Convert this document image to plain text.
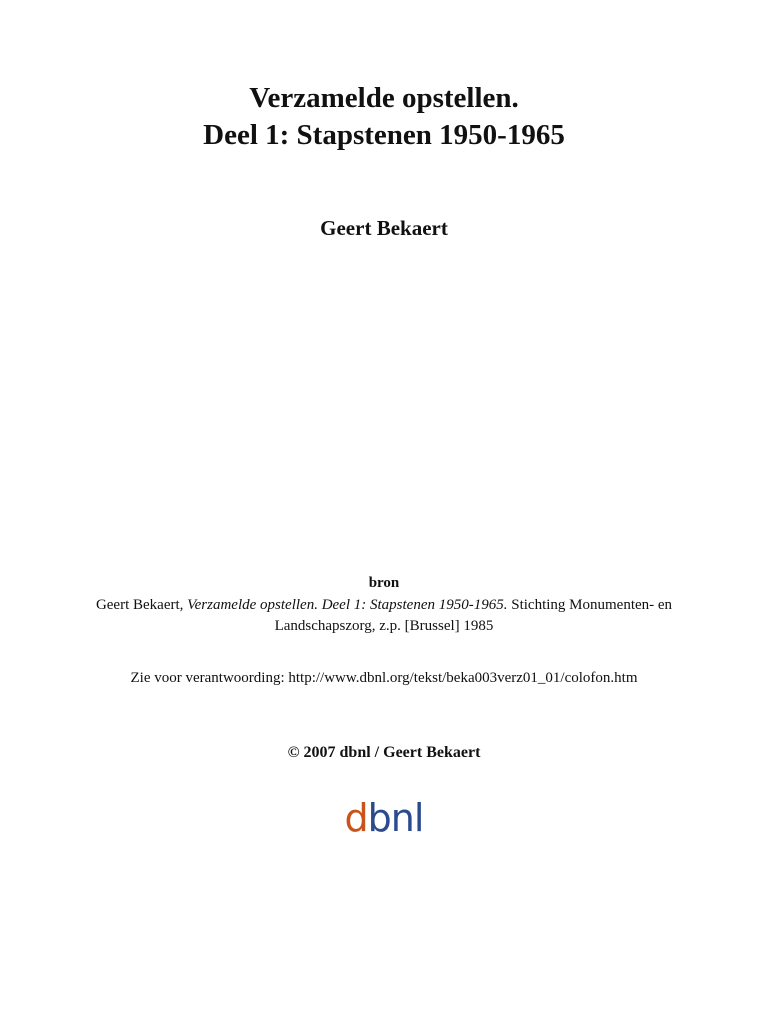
Verzamelde opstellen.
Deel 1: Stapstenen 1950-1965
Geert Bekaert
bron
Geert Bekaert, Verzamelde opstellen. Deel 1: Stapstenen 1950-1965. Stichting Monumenten- en Landschapszorg, z.p. [Brussel] 1985
Zie voor verantwoording: http://www.dbnl.org/tekst/beka003verz01_01/colofon.htm
© 2007 dbnl / Geert Bekaert
dbnl
